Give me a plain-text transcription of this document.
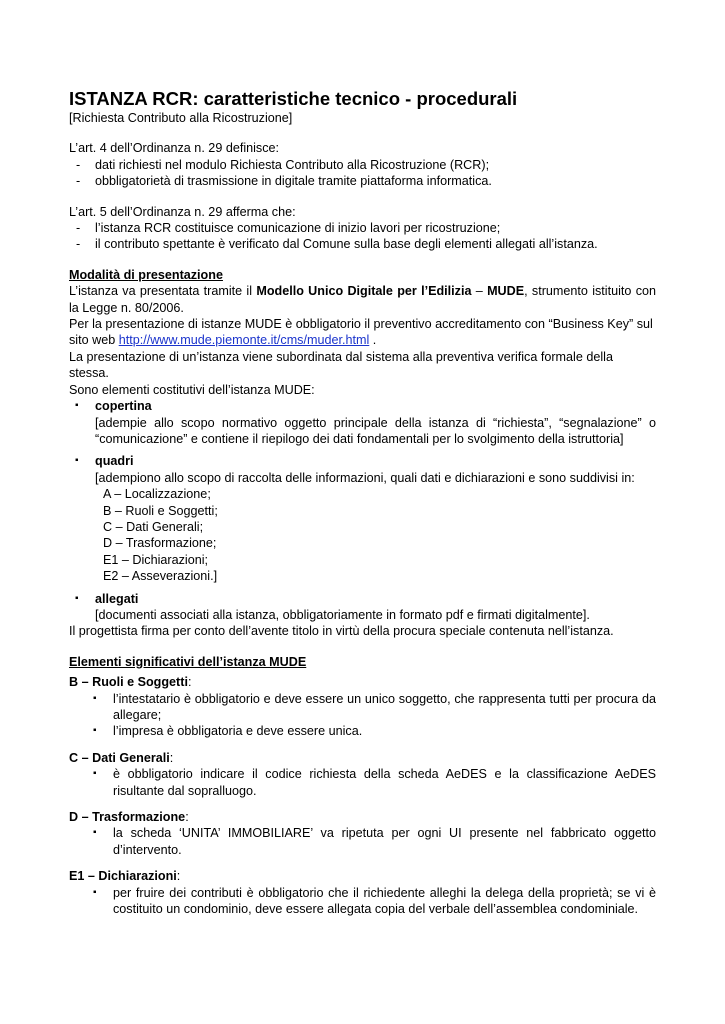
ISTANZA RCR: caratteristiche tecnico - procedurali

[Richiesta Contributo alla Ricostruzione]

L’art. 4 dell’Ordinanza n. 29 definisce:

- dati richiesti nel modulo Richiesta Contributo alla Ricostruzione (RCR);
- obbligatorietà di trasmissione in digitale tramite piattaforma informatica.

L’art. 5 dell’Ordinanza n. 29 afferma che:

- l’istanza RCR costituisce comunicazione di inizio lavori per ricostruzione;
- il contributo spettante è verificato dal Comune sulla base degli elementi allegati all’istanza.

Modalità di presentazione

L’istanza va presentata tramite il Modello Unico Digitale per l’Edilizia – MUDE, strumento istituito con la Legge n. 80/2006.

Per la presentazione di istanze MUDE è obbligatorio il preventivo accreditamento con “Business Key” sul sito web http://www.mude.piemonte.it/cms/muder.html .

La presentazione di un’istanza viene subordinata dal sistema alla preventiva verifica formale della stessa.

Sono elementi costitutivi dell’istanza MUDE:

▪ copertina
[adempie allo scopo normativo oggetto principale della istanza di “richiesta”, “segnalazione” o “comunicazione” e contiene il riepilogo dei dati fondamentali per lo svolgimento della istruttoria]
▪ quadri
[adempiono allo scopo di raccolta delle informazioni, quali dati e dichiarazioni e sono suddivisi in:
A – Localizzazione;
B – Ruoli e Soggetti;
C – Dati Generali;
D – Trasformazione;
E1 – Dichiarazioni;
E2 – Asseverazioni.]
▪ allegati
[documenti associati alla istanza, obbligatoriamente in formato pdf e firmati digitalmente].

Il progettista firma per conto dell’avente titolo in virtù della procura speciale contenuta nell’istanza.

Elementi significativi dell’istanza MUDE

B – Ruoli e Soggetti:

▪ l’intestatario è obbligatorio e deve essere un unico soggetto, che rappresenta tutti per procura da allegare;
▪ l’impresa è obbligatoria e deve essere unica.

C – Dati Generali:

▪ è obbligatorio indicare il codice richiesta della scheda AeDES e la classificazione AeDES risultante dal sopralluogo.

D – Trasformazione:

▪ la scheda ‘UNITA’ IMMOBILIARE’ va ripetuta per ogni UI presente nel fabbricato oggetto d’intervento.

E1 – Dichiarazioni:

▪ per fruire dei contributi è obbligatorio che il richiedente alleghi la delega della proprietà; se vi è costituito un condominio, deve essere allegata copia del verbale dell’assemblea condominiale.
